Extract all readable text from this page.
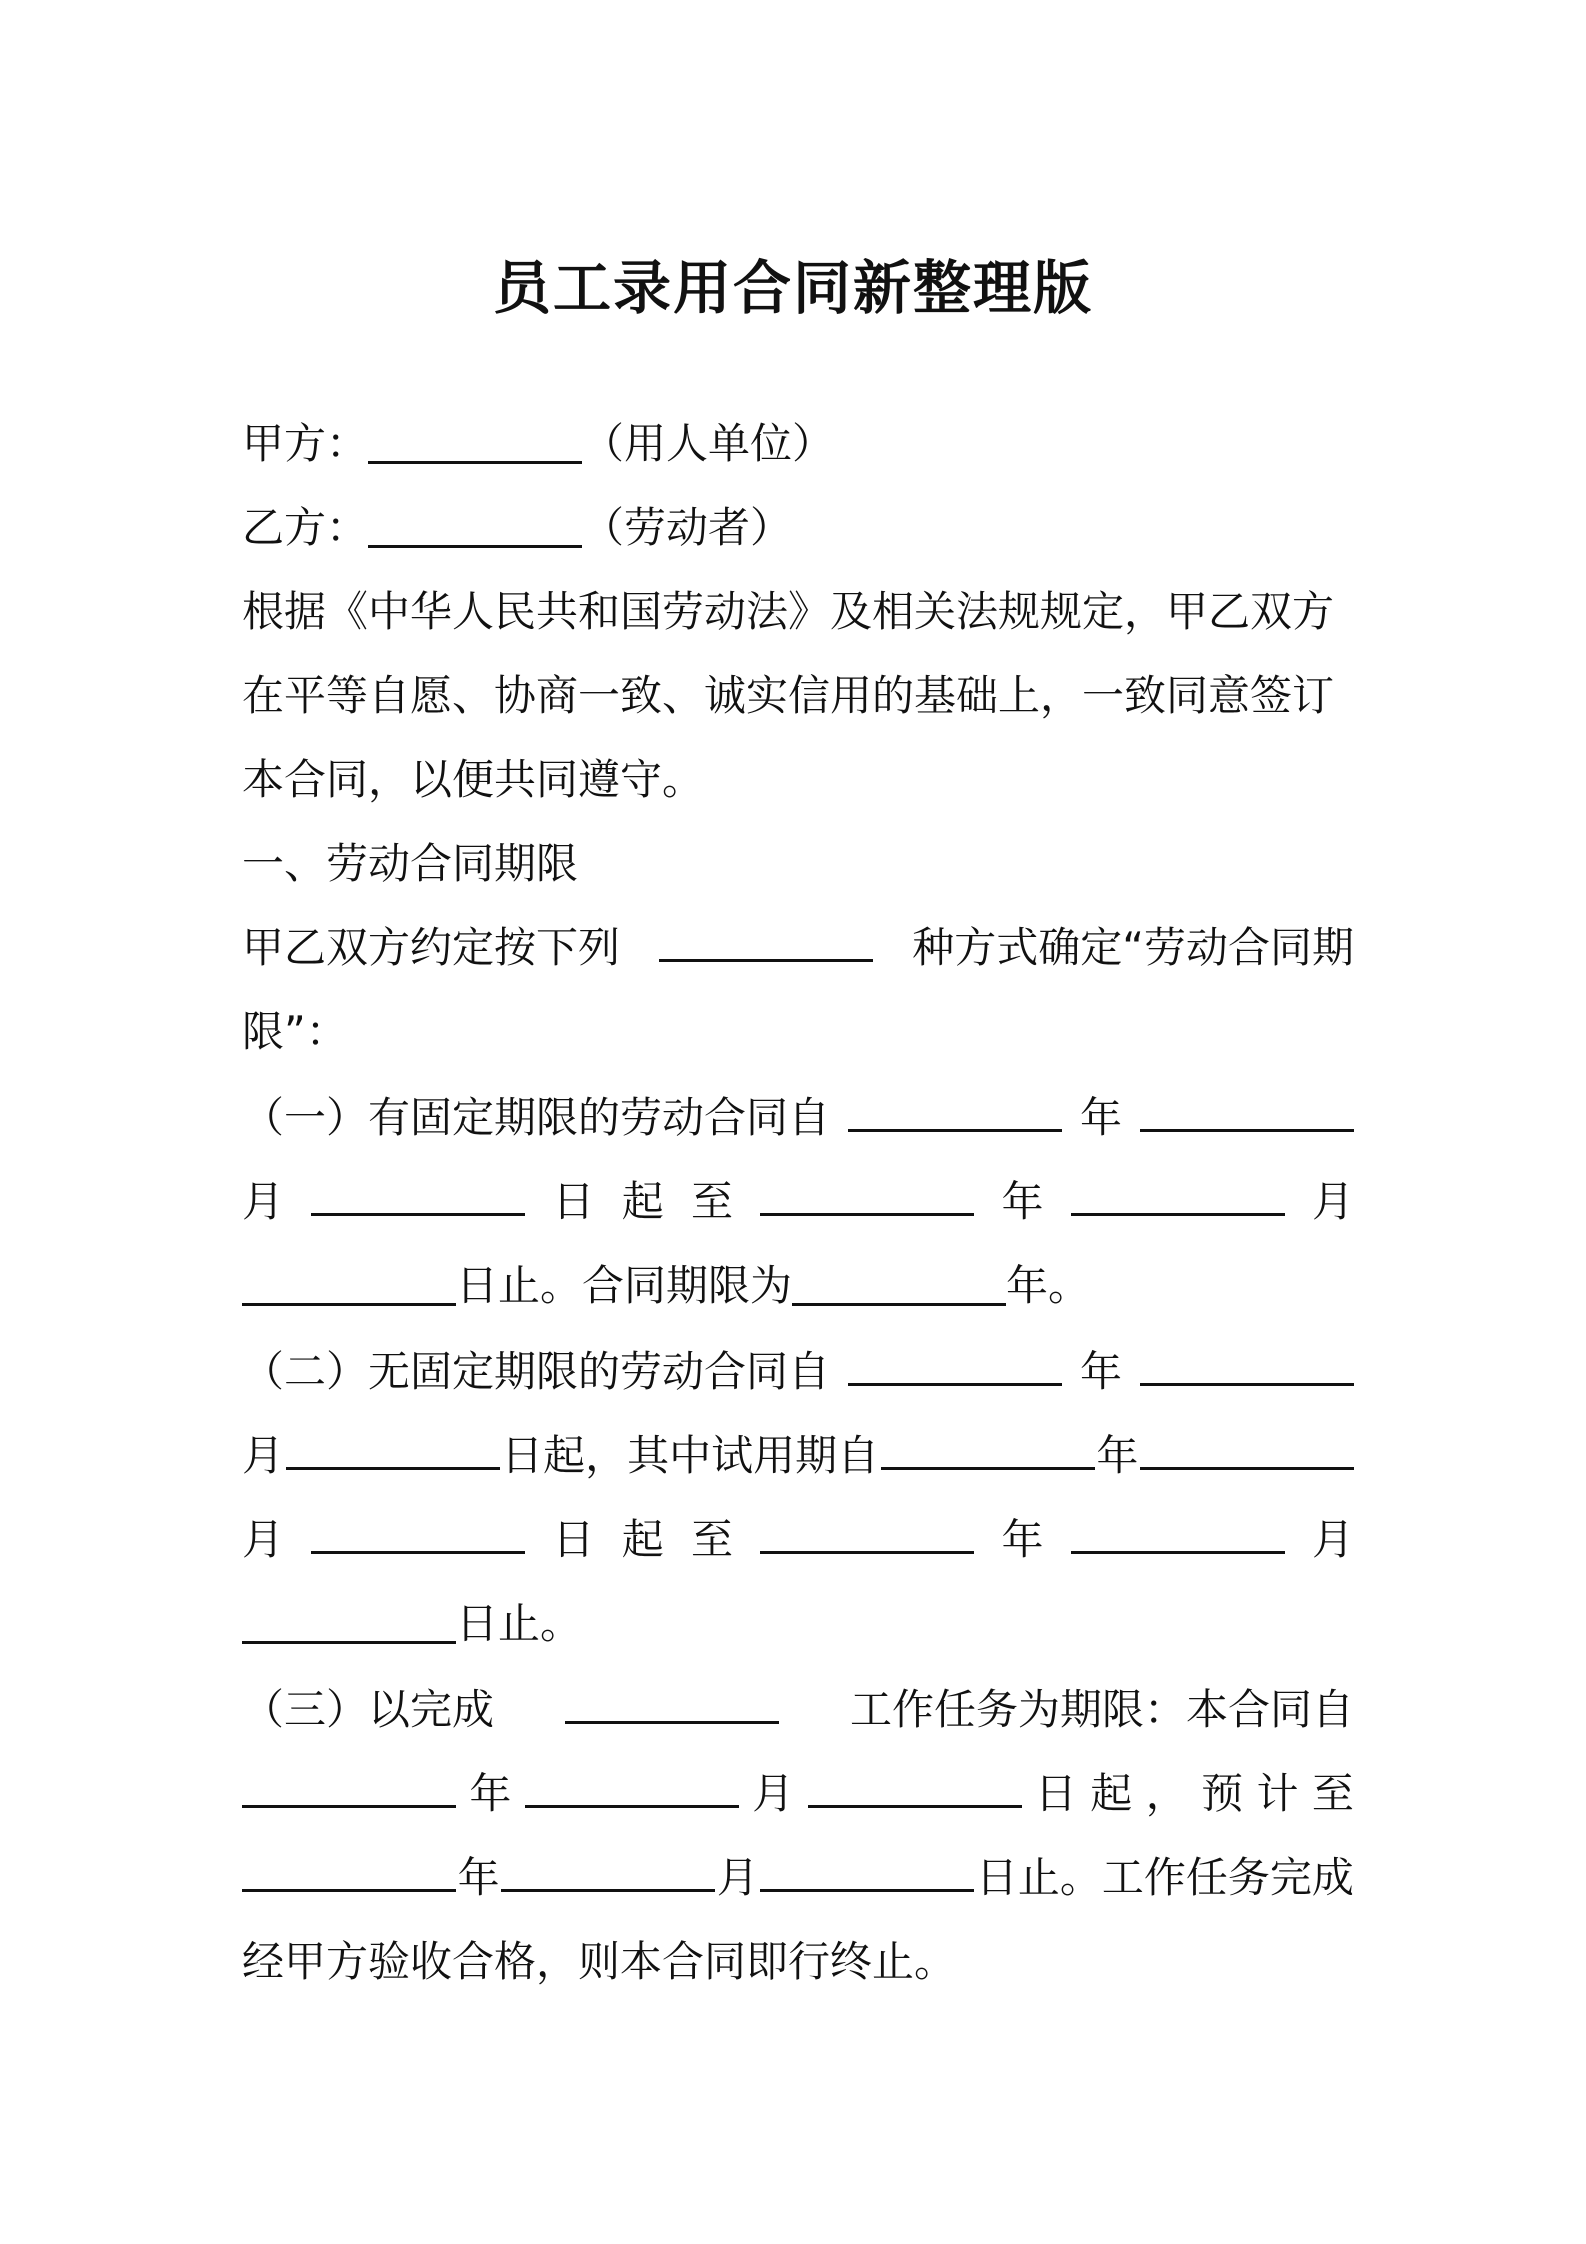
员工录用合同新整理版

甲方：	（用人单位）

乙方：	（劳动者）

根据《中华人民共和国劳动法》及相关法规规定，甲乙双方

在平等自愿、协商一致、诚实信用的基础上，一致同意签订

本合同，以便共同遵守。

一、劳动合同期限

甲乙双方约定按下列	种方式确定“劳动合同期

限”：

（一）有固定期限的劳动合同自	年

月	日 起 至	年	月

日止。合同期限为	年。

（二）无固定期限的劳动合同自	年

月	日起，其中试用期自	年

月	日 起 至	年	月

日止。

（三）以完成	工作任务为期限：本合同自

年	月	日 起 ， 预 计 至

年	月	日止。工作任务完成

经甲方验收合格，则本合同即行终止。
